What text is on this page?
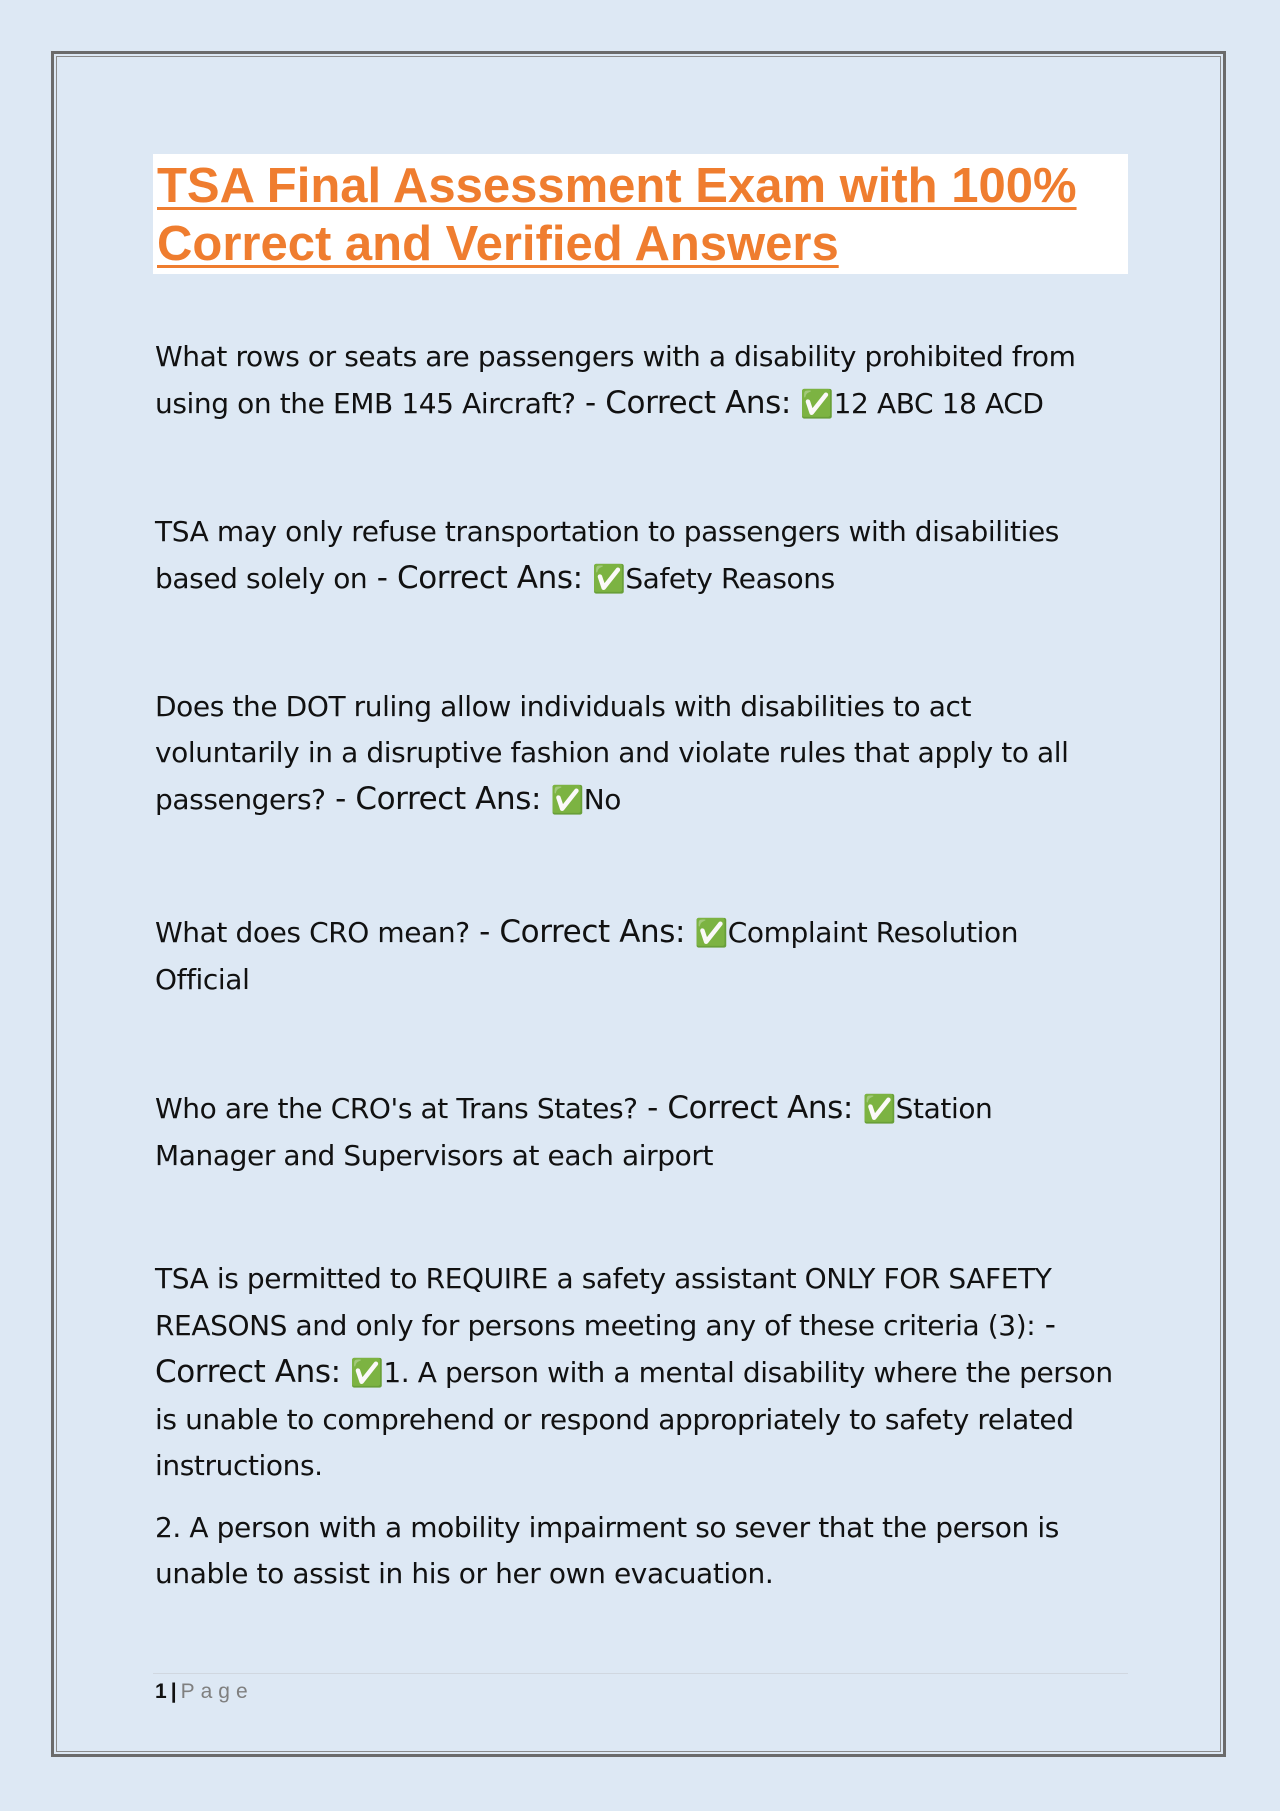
TSA Final Assessment Exam with 100%
Correct and Verified Answers

What rows or seats are passengers with a disability prohibited from using on the EMB 145 Aircraft? - Correct Ans: ✅12 ABC 18 ACD

TSA may only refuse transportation to passengers with disabilities based solely on - Correct Ans: ✅Safety Reasons

Does the DOT ruling allow individuals with disabilities to act voluntarily in a disruptive fashion and violate rules that apply to all passengers? - Correct Ans: ✅No

What does CRO mean? - Correct Ans: ✅Complaint Resolution Official

Who are the CRO's at Trans States? - Correct Ans: ✅Station Manager and Supervisors at each airport

TSA is permitted to REQUIRE a safety assistant ONLY FOR SAFETY REASONS and only for persons meeting any of these criteria (3): - Correct Ans: ✅1. A person with a mental disability where the person is unable to comprehend or respond appropriately to safety related instructions.

2. A person with a mobility impairment so sever that the person is unable to assist in his or her own evacuation.

1 | Page
